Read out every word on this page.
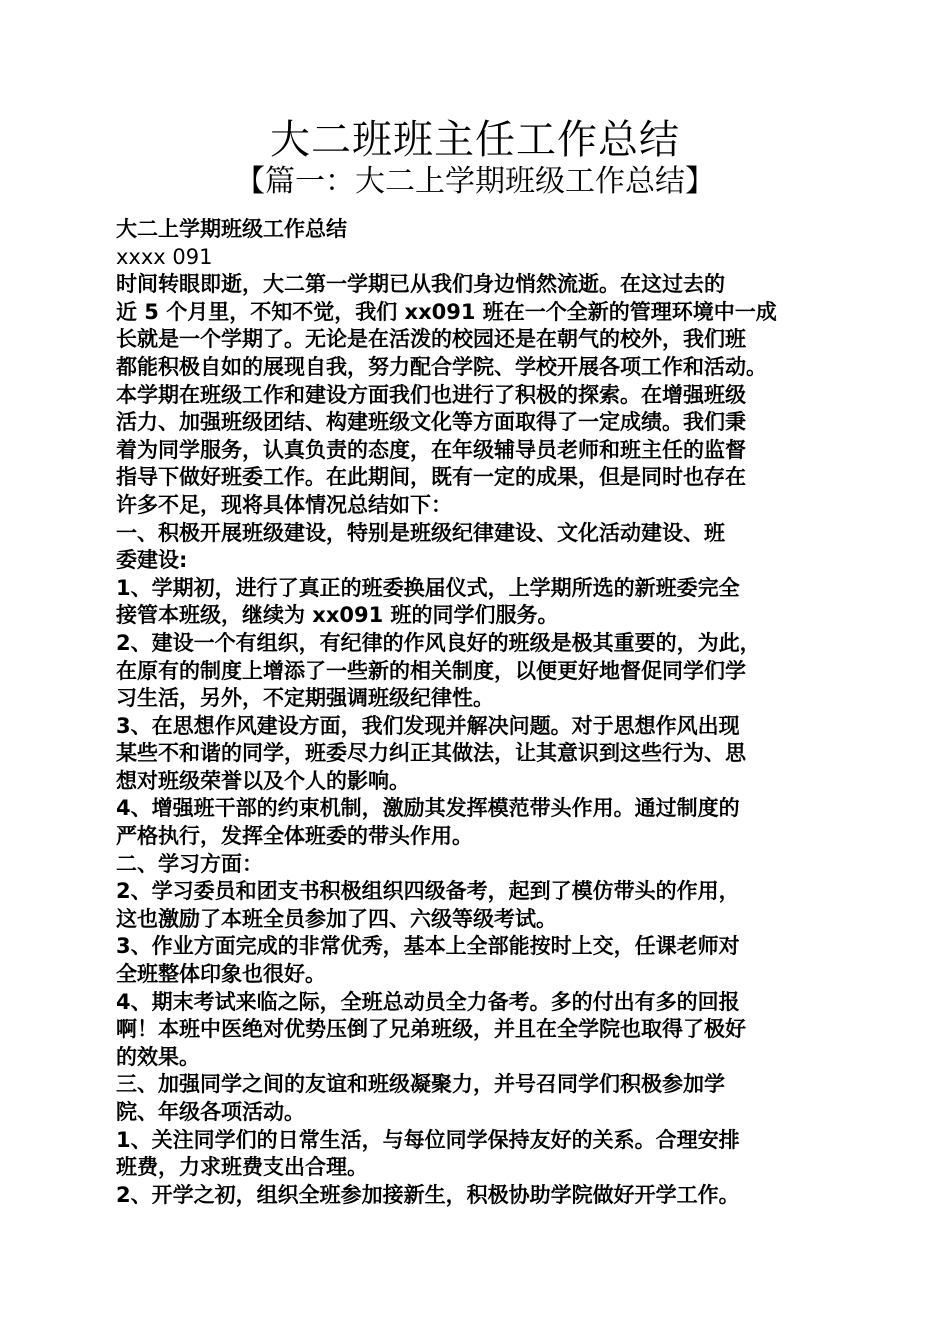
大二班班主任工作总结
【篇一：大二上学期班级工作总结】

大二上学期班级工作总结

xxxx 091

时间转眼即逝，大二第一学期已从我们身边悄然流逝。在这过去的

近 5 个月里，不知不觉，我们 xx091 班在一个全新的管理环境中一成

长就是一个学期了。无论是在活泼的校园还是在朝气的校外，我们班

都能积极自如的展现自我，努力配合学院、学校开展各项工作和活动。

本学期在班级工作和建设方面我们也进行了积极的探索。在增强班级

活力、加强班级团结、构建班级文化等方面取得了一定成绩。我们秉

着为同学服务，认真负责的态度，在年级辅导员老师和班主任的监督

指导下做好班委工作。在此期间，既有一定的成果，但是同时也存在

许多不足，现将具体情况总结如下：

一、积极开展班级建设，特别是班级纪律建设、文化活动建设、班

委建设:

1、学期初，进行了真正的班委换届仪式，上学期所选的新班委完全

接管本班级，继续为 xx091 班的同学们服务。

2、建设一个有组织，有纪律的作风良好的班级是极其重要的，为此，

在原有的制度上增添了一些新的相关制度，以便更好地督促同学们学

习生活，另外，不定期强调班级纪律性。

3、在思想作风建设方面，我们发现并解决问题。对于思想作风出现

某些不和谐的同学，班委尽力纠正其做法，让其意识到这些行为、思

想对班级荣誉以及个人的影响。

4、增强班干部的约束机制，激励其发挥模范带头作用。通过制度的

严格执行，发挥全体班委的带头作用。

二、学习方面：

2、学习委员和团支书积极组织四级备考，起到了模仿带头的作用，

这也激励了本班全员参加了四、六级等级考试。

3、作业方面完成的非常优秀，基本上全部能按时上交，任课老师对

全班整体印象也很好。

4、期末考试来临之际，全班总动员全力备考。多的付出有多的回报

啊！本班中医绝对优势压倒了兄弟班级，并且在全学院也取得了极好

的效果。

三、加强同学之间的友谊和班级凝聚力，并号召同学们积极参加学

院、年级各项活动。

1、关注同学们的日常生活，与每位同学保持友好的关系。合理安排

班费，力求班费支出合理。

2、开学之初，组织全班参加接新生，积极协助学院做好开学工作。
